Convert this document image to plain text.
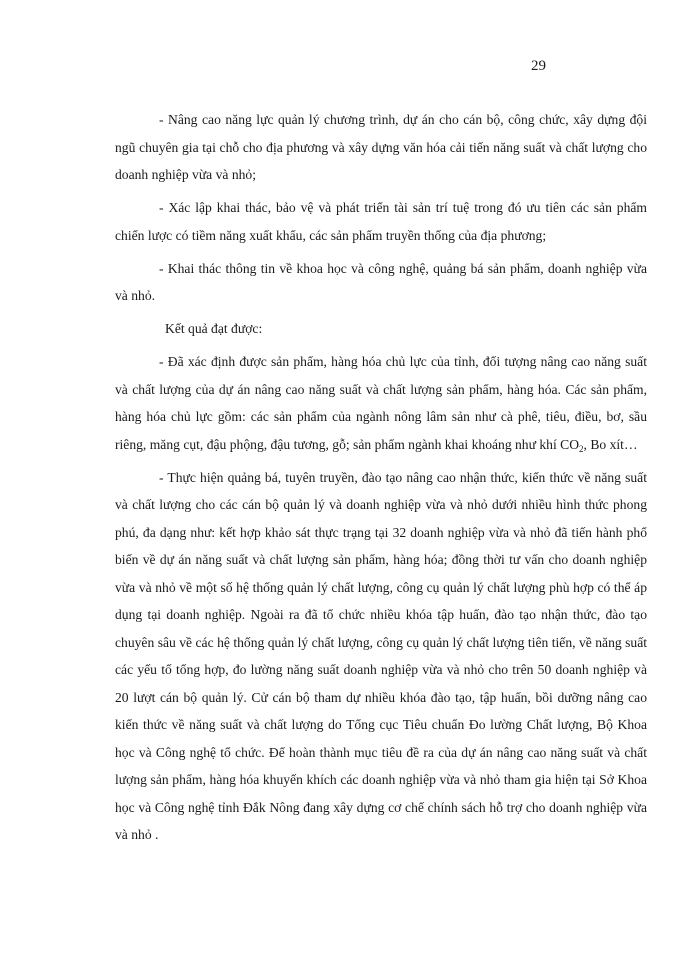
29

- Nâng cao năng lực quản lý chương trình, dự án cho cán bộ, công chức, xây dựng đội ngũ chuyên gia tại chỗ cho địa phương và xây dựng văn hóa cải tiến năng suất và chất lượng cho doanh nghiệp vừa và nhỏ;

- Xác lập khai thác, bảo vệ và phát triển tài sản trí tuệ trong đó ưu tiên các sản phẩm chiến lược có tiềm năng xuất khẩu, các sản phẩm truyền thống của địa phương;

- Khai thác thông tin về khoa học và công nghệ, quảng bá sản phẩm, doanh nghiệp vừa và nhỏ.

Kết quả đạt được:

- Đã xác định được sản phẩm, hàng hóa chủ lực của tỉnh, đối tượng nâng cao năng suất và chất lượng của dự án nâng cao năng suất và chất lượng sản phẩm, hàng hóa. Các sản phẩm, hàng hóa chủ lực gồm: các sản phẩm của ngành nông lâm sản như cà phê, tiêu, điều, bơ, sầu riêng, măng cụt, đậu phộng, đậu tương, gỗ; sản phẩm ngành khai khoáng như khí $CO_2$, Bo xít…

- Thực hiện quảng bá, tuyên truyền, đào tạo nâng cao nhận thức, kiến thức về năng suất và chất lượng cho các cán bộ quản lý và doanh nghiệp vừa và nhỏ dưới nhiều hình thức phong phú, đa dạng như: kết hợp khảo sát thực trạng tại 32 doanh nghiệp vừa và nhỏ đã tiến hành phổ biến về dự án năng suất và chất lượng sản phẩm, hàng hóa; đồng thời tư vấn cho doanh nghiệp vừa và nhỏ về một số hệ thống quản lý chất lượng, công cụ quản lý chất lượng phù hợp có thể áp dụng tại doanh nghiệp. Ngoài ra đã tổ chức nhiều khóa tập huấn, đào tạo nhận thức, đào tạo chuyên sâu về các hệ thống quản lý chất lượng, công cụ quản lý chất lượng tiên tiến, về năng suất các yếu tố tổng hợp, đo lường năng suất doanh nghiệp vừa và nhỏ cho trên 50 doanh nghiệp và 20 lượt cán bộ quản lý. Cử cán bộ tham dự nhiều khóa đào tạo, tập huấn, bồi dưỡng nâng cao kiến thức về năng suất và chất lượng do Tổng cục Tiêu chuẩn Đo lường Chất lượng, Bộ Khoa học và Công nghệ tổ chức. Để hoàn thành mục tiêu đề ra của dự án nâng cao năng suất và chất lượng sản phẩm, hàng hóa khuyến khích các doanh nghiệp vừa và nhỏ tham gia hiện tại Sở Khoa học và Công nghệ tỉnh Đắk Nông đang xây dựng cơ chế chính sách hỗ trợ cho doanh nghiệp vừa và nhỏ .
